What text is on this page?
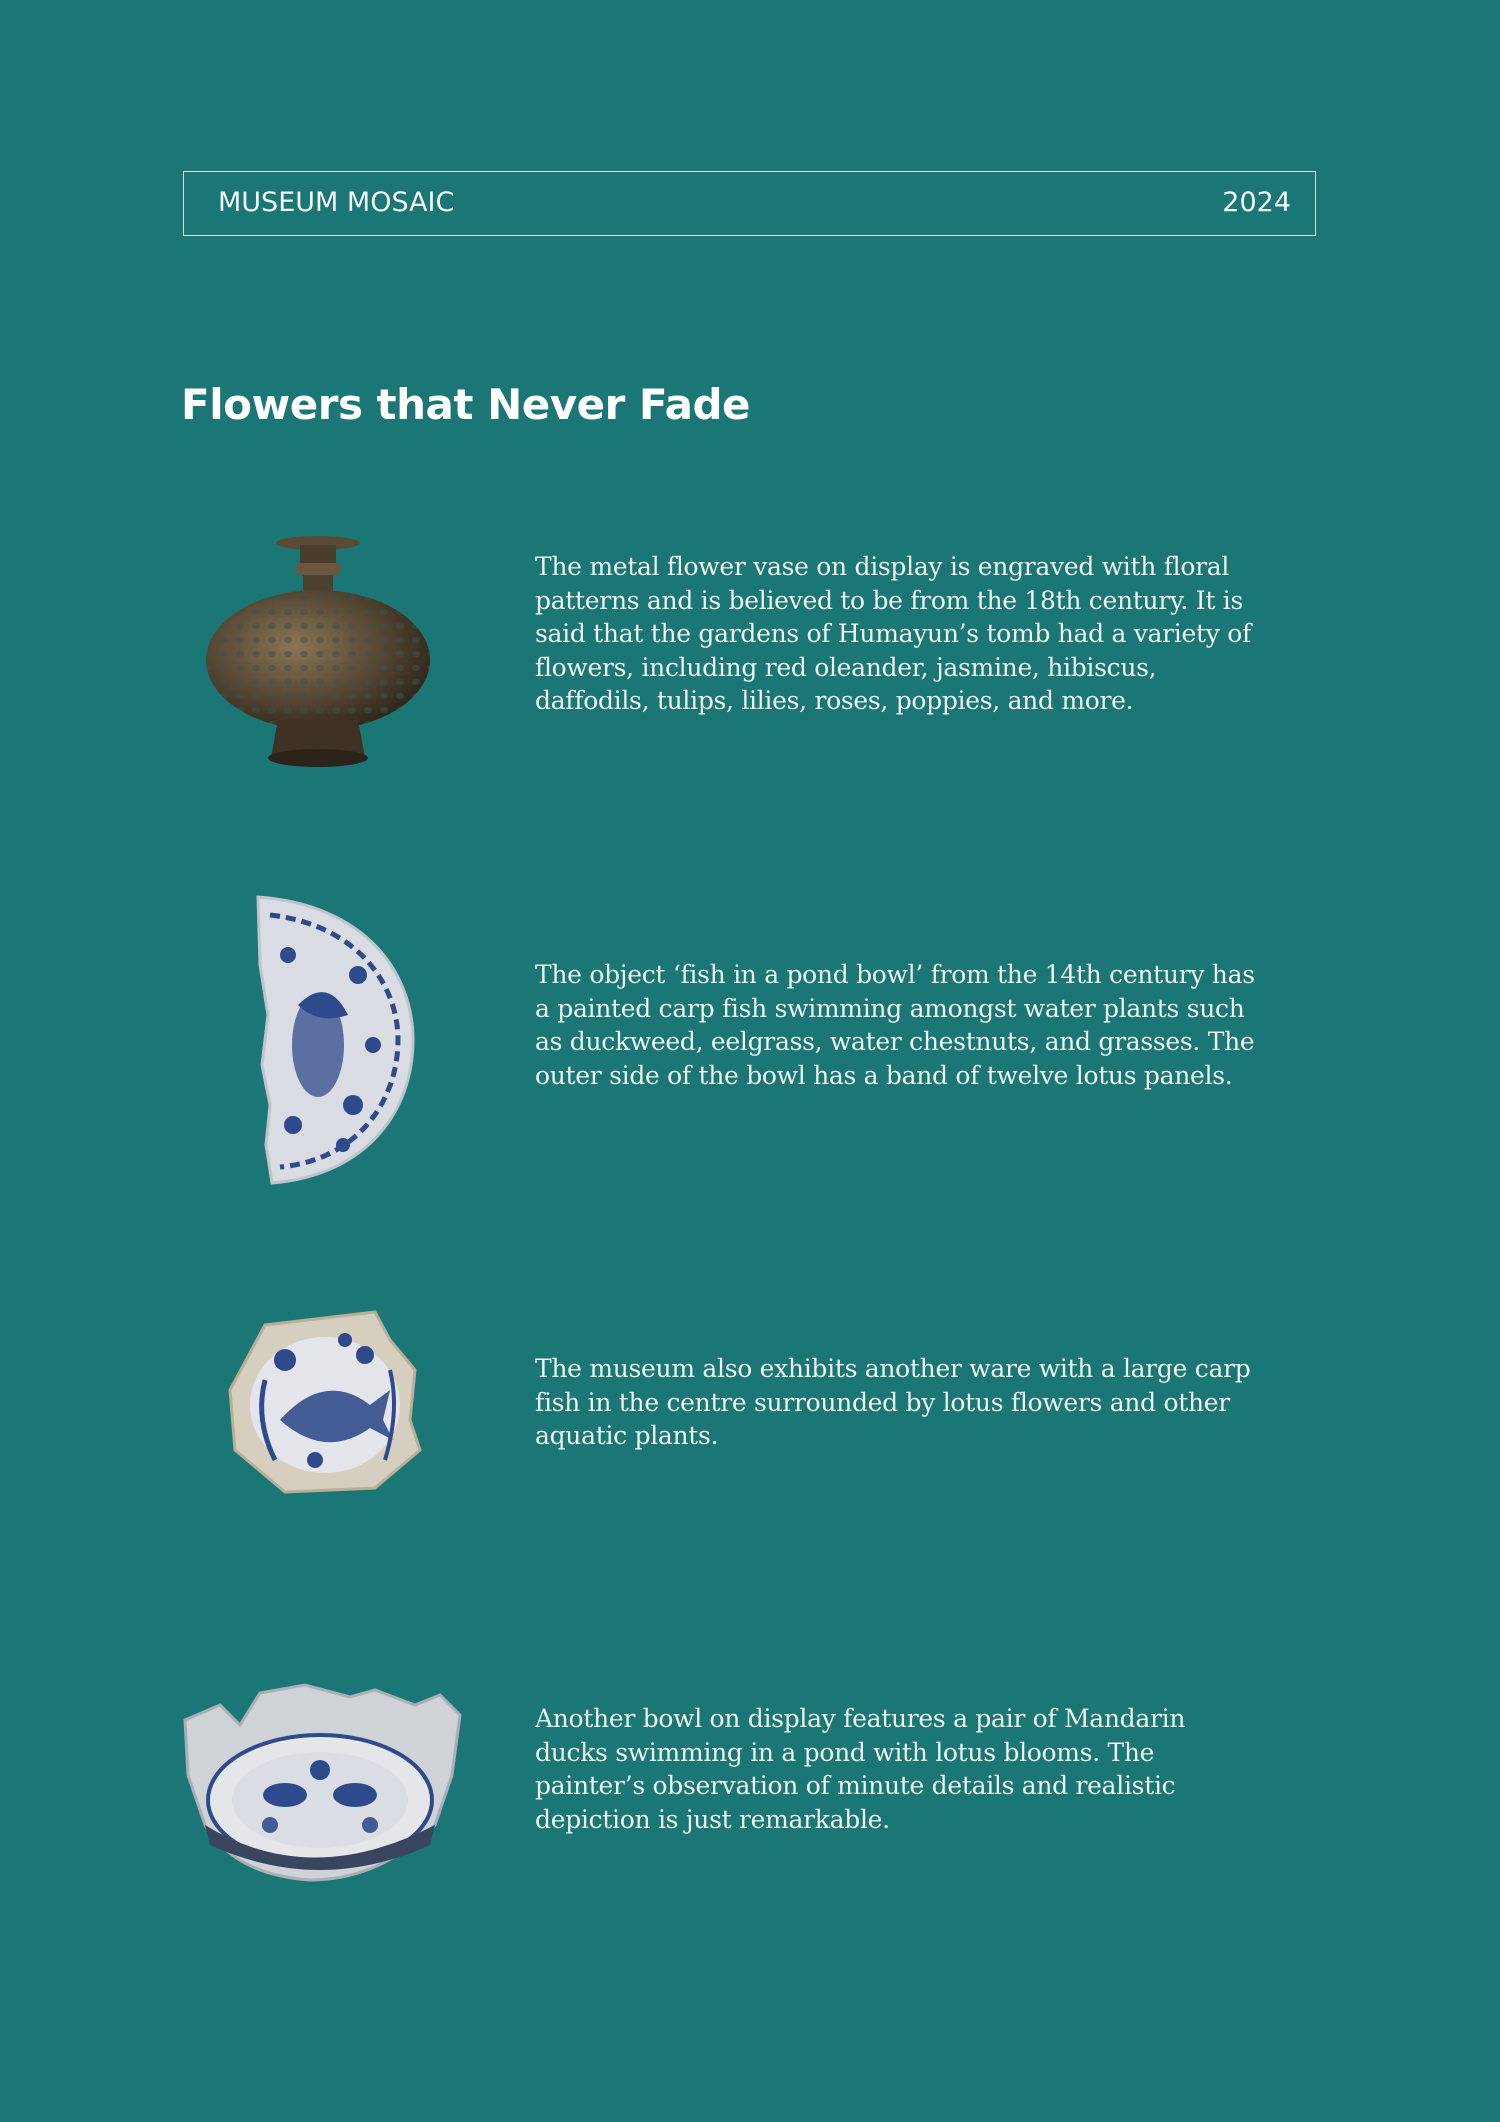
MUSEUM MOSAIC	2024
Flowers that Never Fade

The metal flower vase on display is engraved with floral patterns and is believed to be from the 18th century. It is said that the gardens of Humayun’s tomb had a variety of flowers, including red oleander, jasmine, hibiscus, daffodils, tulips, lilies, roses, poppies, and more.

The object ‘fish in a pond bowl’ from the 14th century has a painted carp fish swimming amongst water plants such as duckweed, eelgrass, water chestnuts, and grasses. The outer side of the bowl has a band of twelve lotus panels.

The museum also exhibits another ware with a large carp fish in the centre surrounded by lotus flowers and other aquatic plants.

Another bowl on display features a pair of Mandarin ducks swimming in a pond with lotus blooms. The painter’s observation of minute details and realistic depiction is just remarkable.
